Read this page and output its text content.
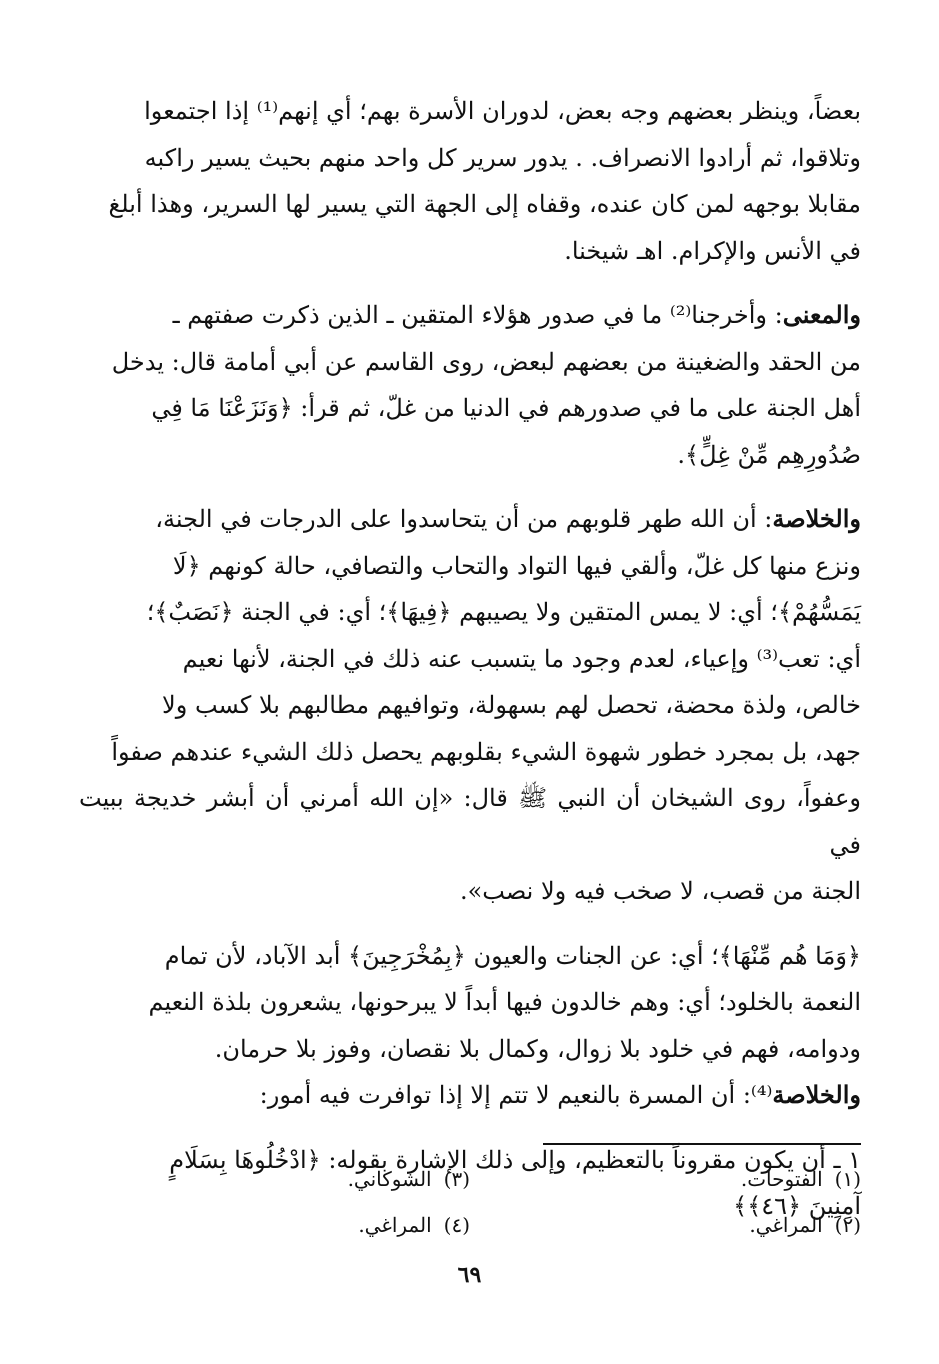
بعضاً، وينظر بعضهم وجه بعض، لدوران الأسرة بهم؛ أي إنهم⁽¹⁾ إذا اجتمعوا
وتلاقوا، ثم أرادوا الانصراف. . يدور سرير كل واحد منهم بحيث يسير راكبه
مقابلا بوجهه لمن كان عنده، وقفاه إلى الجهة التي يسير لها السرير، وهذا أبلغ
في الأنس والإكرام. اهـ شيخنا.

والمعنى: وأخرجنا⁽²⁾ ما في صدور هؤلاء المتقين ـ الذين ذكرت صفتهم ـ
من الحقد والضغينة من بعضهم لبعض، روى القاسم عن أبي أمامة قال: يدخل
أهل الجنة على ما في صدورهم في الدنيا من غلّ، ثم قرأ: ﴿وَنَزَعْنَا مَا فِي
صُدُورِهِم مِّنْ غِلٍّ﴾.

والخلاصة: أن الله طهر قلوبهم من أن يتحاسدوا على الدرجات في الجنة،
ونزع منها كل غلّ، وألقي فيها التواد والتحاب والتصافي، حالة كونهم ﴿لَا
يَمَسُّهُمْ﴾؛ أي: لا يمس المتقين ولا يصيبهم ﴿فِيهَا﴾؛ أي: في الجنة ﴿نَصَبٌ﴾؛
أي: تعب⁽³⁾ وإعياء، لعدم وجود ما يتسبب عنه ذلك في الجنة، لأنها نعيم
خالص، ولذة محضة، تحصل لهم بسهولة، وتوافيهم مطالبهم بلا كسب ولا
جهد، بل بمجرد خطور شهوة الشيء بقلوبهم يحصل ذلك الشيء عندهم صفواً
وعفواً، روى الشيخان أن النبي ﷺ قال: «إن الله أمرني أن أبشر خديجة ببيت في
الجنة من قصب، لا صخب فيه ولا نصب».

﴿وَمَا هُم مِّنْهَا﴾؛ أي: عن الجنات والعيون ﴿بِمُخْرَجِينَ﴾ أبد الآباد، لأن تمام
النعمة بالخلود؛ أي: وهم خالدون فيها أبداً لا يبرحونها، يشعرون بلذة النعيم
ودوامه، فهم في خلود بلا زوال، وكمال بلا نقصان، وفوز بلا حرمان.

والخلاصة⁽⁴⁾: أن المسرة بالنعيم لا تتم إلا إذا توافرت فيه أمور:

١ ـ أن يكون مقروناً بالتعظيم، وإلى ذلك الإشارة بقوله: ﴿ادْخُلُوهَا بِسَلَامٍ
آمِنِينَ ﴿٤٦﴾﴾

(١)الفتوحات.
(٣)الشوكاني.
(٢)المراغي.
(٤)المراغي.
٦٩
